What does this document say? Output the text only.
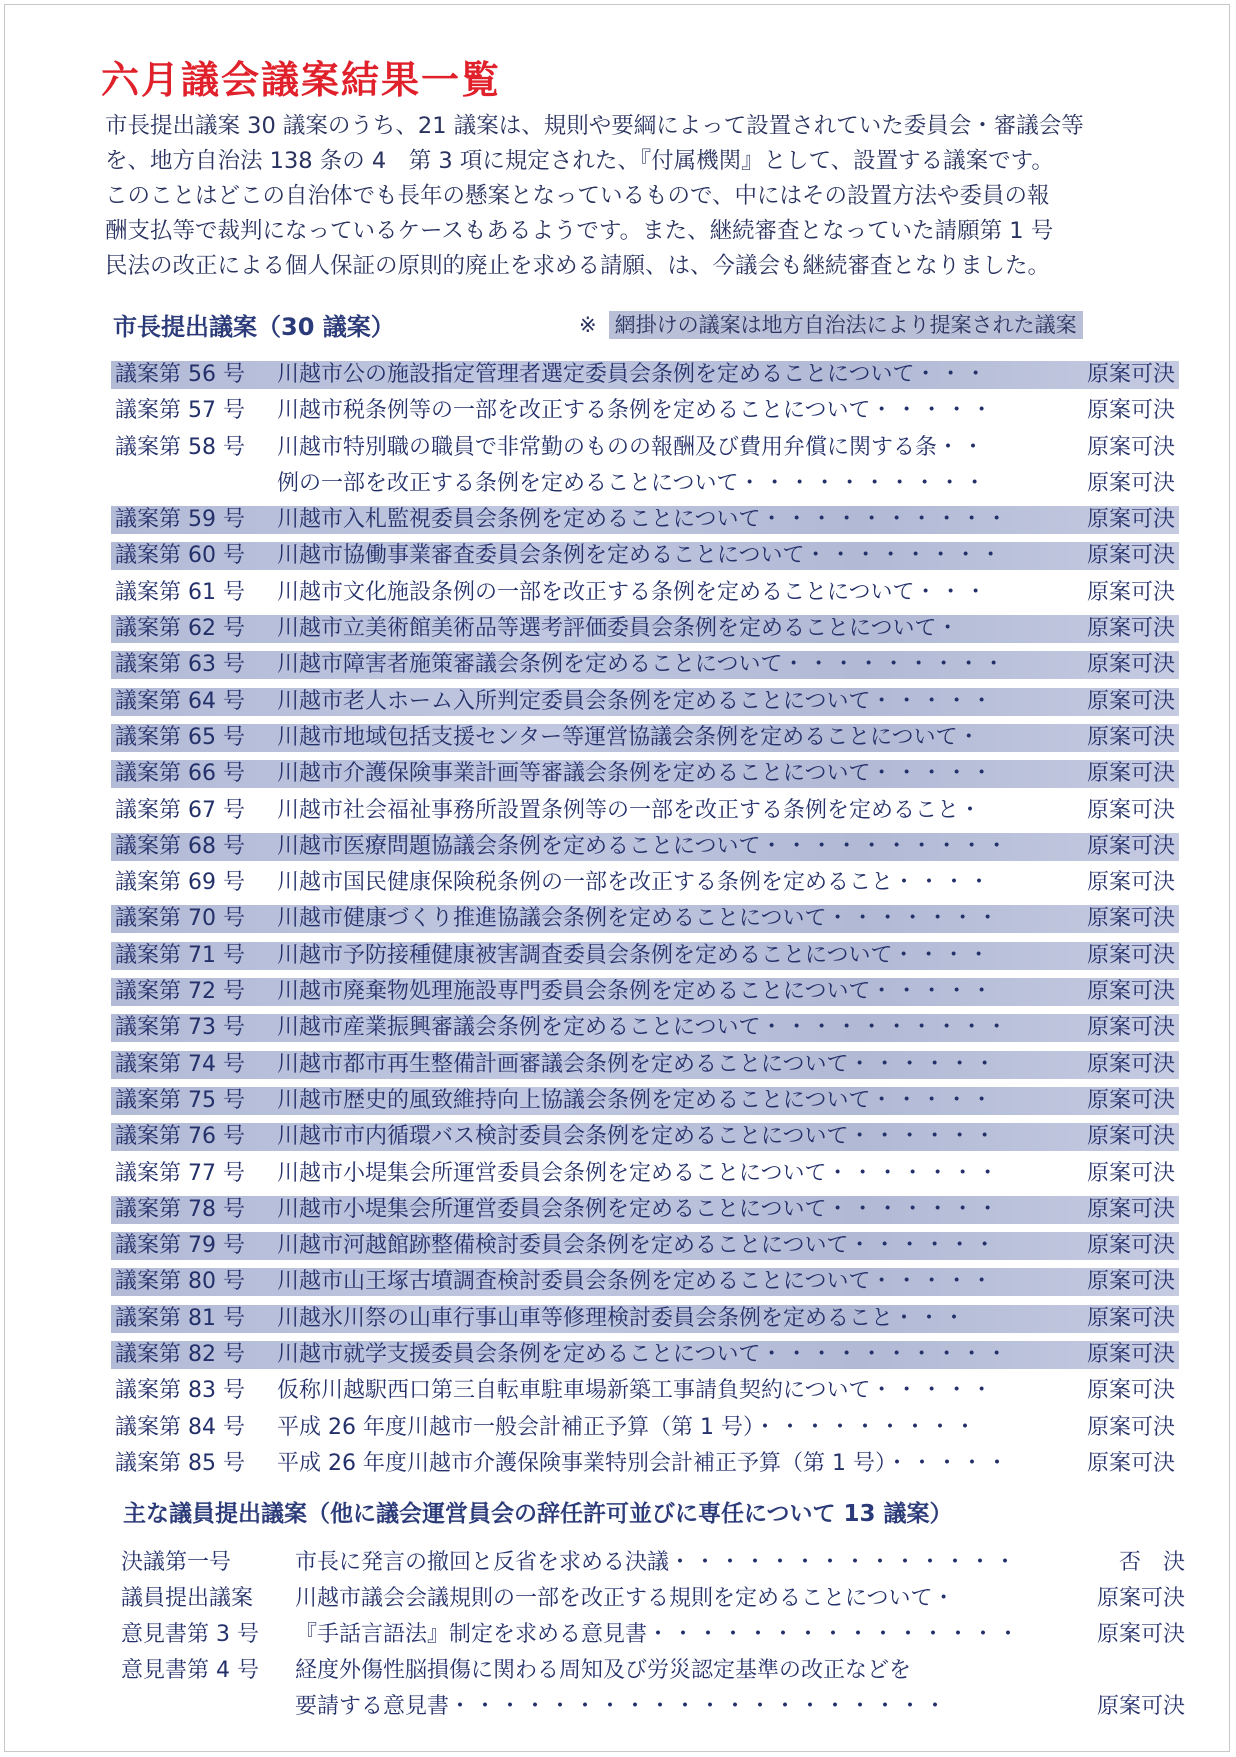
六月議会議案結果一覧

市長提出議案 30 議案のうち、21 議案は、規則や要綱によって設置されていた委員会・審議会等

を、地方自治法 138 条の 4　第 3 項に規定された、『付属機関』として、設置する議案です。

このことはどこの自治体でも長年の懸案となっているもので、中にはその設置方法や委員の報

酬支払等で裁判になっているケースもあるようです。また、継続審査となっていた請願第 1 号

民法の改正による個人保証の原則的廃止を求める請願、は、今議会も継続審査となりました。

市長提出議案（30 議案）	※ 網掛けの議案は地方自治法により提案された議案
議案第 56 号	川越市公の施設指定管理者選定委員会条例を定めることについて・・・	原案可決
議案第 57 号	川越市税条例等の一部を改正する条例を定めることについて・・・・・	原案可決
議案第 58 号	川越市特別職の職員で非常勤のものの報酬及び費用弁償に関する条・・	原案可決
例の一部を改正する条例を定めることについて・・・・・・・・・・	原案可決
議案第 59 号	川越市入札監視委員会条例を定めることについて・・・・・・・・・・	原案可決
議案第 60 号	川越市協働事業審査委員会条例を定めることについて・・・・・・・・	原案可決
議案第 61 号	川越市文化施設条例の一部を改正する条例を定めることについて・・・	原案可決
議案第 62 号	川越市立美術館美術品等選考評価委員会条例を定めることについて・	原案可決
議案第 63 号	川越市障害者施策審議会条例を定めることについて・・・・・・・・・	原案可決
議案第 64 号	川越市老人ホーム入所判定委員会条例を定めることについて・・・・・	原案可決
議案第 65 号	川越市地域包括支援センター等運営協議会条例を定めることについて・	原案可決
議案第 66 号	川越市介護保険事業計画等審議会条例を定めることについて・・・・・	原案可決
議案第 67 号	川越市社会福祉事務所設置条例等の一部を改正する条例を定めること・	原案可決
議案第 68 号	川越市医療問題協議会条例を定めることについて・・・・・・・・・・	原案可決
議案第 69 号	川越市国民健康保険税条例の一部を改正する条例を定めること・・・・	原案可決
議案第 70 号	川越市健康づくり推進協議会条例を定めることについて・・・・・・・	原案可決
議案第 71 号	川越市予防接種健康被害調査委員会条例を定めることについて・・・・	原案可決
議案第 72 号	川越市廃棄物処理施設専門委員会条例を定めることについて・・・・・	原案可決
議案第 73 号	川越市産業振興審議会条例を定めることについて・・・・・・・・・・	原案可決
議案第 74 号	川越市都市再生整備計画審議会条例を定めることについて・・・・・・	原案可決
議案第 75 号	川越市歴史的風致維持向上協議会条例を定めることについて・・・・・	原案可決
議案第 76 号	川越市市内循環バス検討委員会条例を定めることについて・・・・・・	原案可決
議案第 77 号	川越市小堤集会所運営委員会条例を定めることについて・・・・・・・	原案可決
議案第 78 号	川越市小堤集会所運営委員会条例を定めることについて・・・・・・・	原案可決
議案第 79 号	川越市河越館跡整備検討委員会条例を定めることについて・・・・・・	原案可決
議案第 80 号	川越市山王塚古墳調査検討委員会条例を定めることについて・・・・・	原案可決
議案第 81 号	川越氷川祭の山車行事山車等修理検討委員会条例を定めること・・・	原案可決
議案第 82 号	川越市就学支援委員会条例を定めることについて・・・・・・・・・・	原案可決
議案第 83 号	仮称川越駅西口第三自転車駐車場新築工事請負契約について・・・・・	原案可決
議案第 84 号	平成 26 年度川越市一般会計補正予算（第 1 号）・・・・・・・・・	原案可決
議案第 85 号	平成 26 年度川越市介護保険事業特別会計補正予算（第 1 号）・・・・・	原案可決
主な議員提出議案（他に議会運営員会の辞任許可並びに専任について 13 議案）
決議第一号	市長に発言の撤回と反省を求める決議・・・・・・・・・・・・・・	否　決
議員提出議案	川越市議会会議規則の一部を改正する規則を定めることについて・	原案可決
意見書第 3 号	『手話言語法』制定を求める意見書・・・・・・・・・・・・・・・	原案可決
意見書第 4 号	経度外傷性脳損傷に関わる周知及び労災認定基準の改正などを
要請する意見書・・・・・・・・・・・・・・・・・・・・	原案可決
